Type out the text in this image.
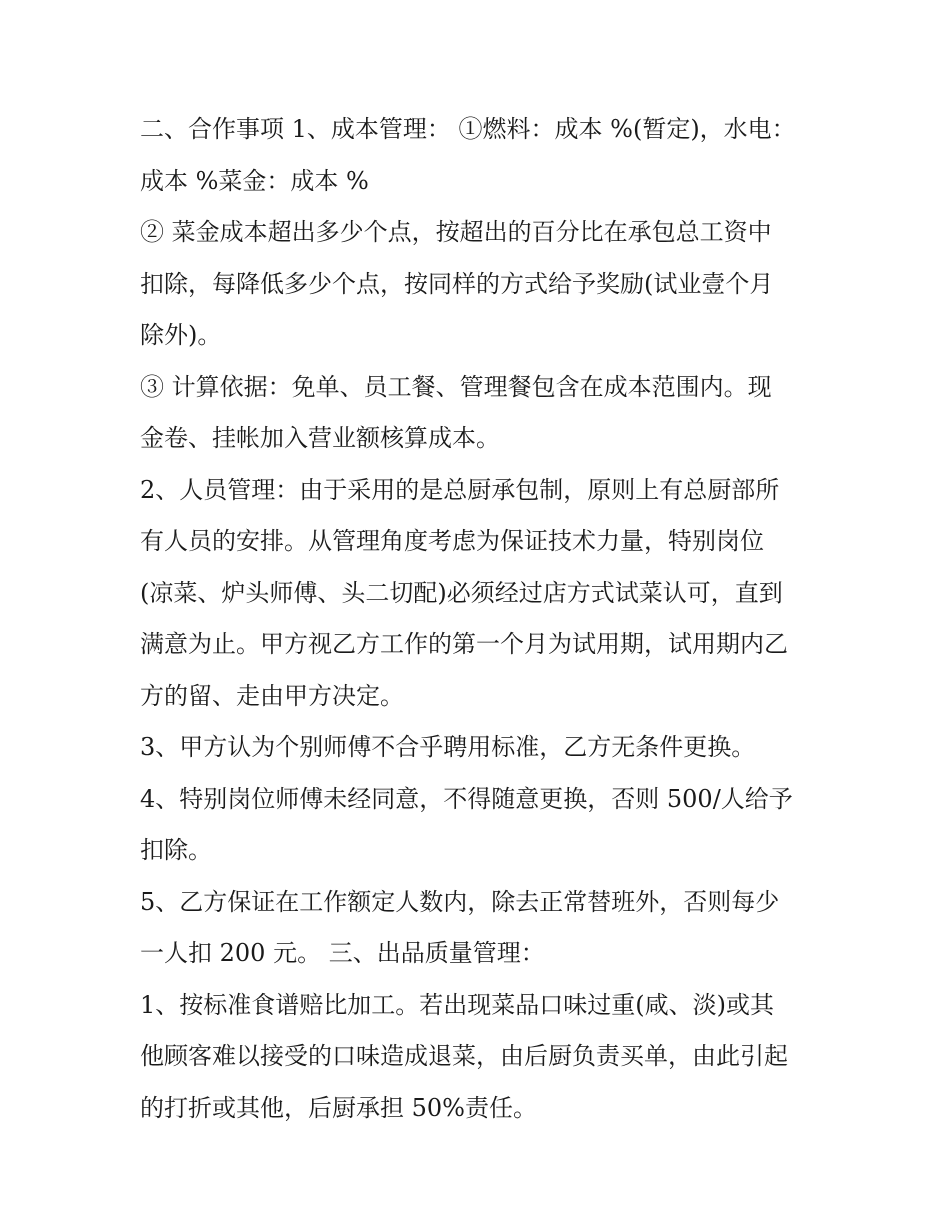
二、合作事项 1、成本管理： ①燃料：成本 %(暂定)，水电：
成本 %菜金：成本 %
② 菜金成本超出多少个点，按超出的百分比在承包总工资中
扣除，每降低多少个点，按同样的方式给予奖励(试业壹个月
除外)。
③ 计算依据：免单、员工餐、管理餐包含在成本范围内。现
金卷、挂帐加入营业额核算成本。
2、人员管理：由于采用的是总厨承包制，原则上有总厨部所
有人员的安排。从管理角度考虑为保证技术力量，特别岗位
(凉菜、炉头师傅、头二切配)必须经过店方式试菜认可，直到
满意为止。甲方视乙方工作的第一个月为试用期，试用期内乙
方的留、走由甲方决定。
3、甲方认为个别师傅不合乎聘用标准，乙方无条件更换。
4、特别岗位师傅未经同意，不得随意更换，否则 500/人给予
扣除。
5、乙方保证在工作额定人数内，除去正常替班外，否则每少
一人扣 200 元。 三、出品质量管理：
1、按标准食谱赔比加工。若出现菜品口味过重(咸、淡)或其
他顾客难以接受的口味造成退菜，由后厨负责买单，由此引起
的打折或其他，后厨承担 50%责任。
